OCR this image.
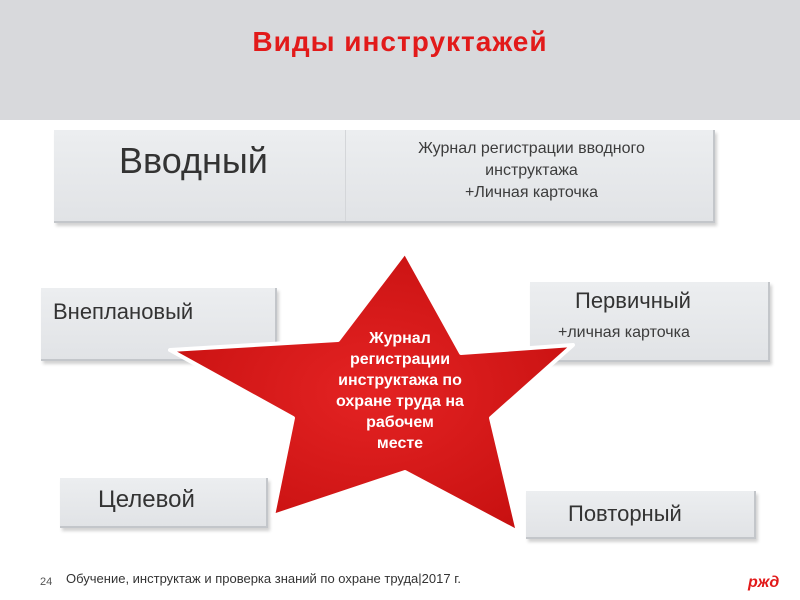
Виды инструктажей
Вводный	Журнал регистрации вводного
инструктажа
+Личная карточка
Внеплановый	Первичный
+личная карточка
Целевой
Повторный
Журнал
регистрации
инструктажа по
охране труда на
рабочем
месте
24 Обучение, инструктаж и проверка знаний по охране труда|2017 г.	ржд
